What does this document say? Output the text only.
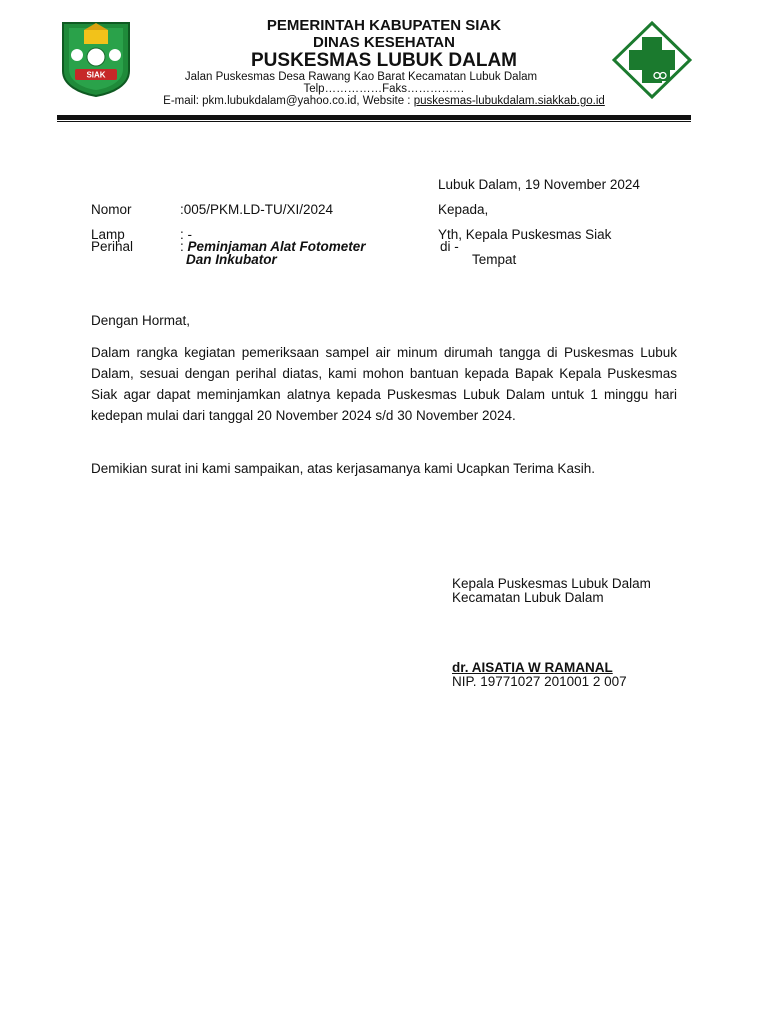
SIAK
PEMERINTAH KABUPATEN SIAK
DINAS KESEHATAN
PUSKESMAS LUBUK DALAM
Jalan Puskesmas Desa Rawang Kao Barat Kecamatan Lubuk Dalam
Telp……………Faks……………
E-mail: pkm.lubukdalam@yahoo.co.id, Website : puskesmas-lubukdalam.siakkab.go.id
Lubuk Dalam, 19 November 2024
Nomor	:005/PKM.LD-TU/XI/2024
Lamp	: -
Perihal	: Peminjaman Alat Fotometer
Dan Inkubator
Kepada,
Yth, Kepala Puskesmas Siak
di -
Tempat
Dengan Hormat,

Dalam rangka kegiatan pemeriksaan sampel air minum dirumah tangga di Puskesmas Lubuk Dalam, sesuai dengan perihal diatas, kami mohon bantuan kepada Bapak Kepala Puskesmas Siak agar dapat meminjamkan alatnya kepada Puskesmas Lubuk Dalam untuk 1 minggu hari kedepan mulai dari tanggal 20 November 2024 s/d 30 November 2024.

Demikian surat ini kami sampaikan, atas kerjasamanya kami Ucapkan Terima Kasih.
Kepala Puskesmas Lubuk Dalam
Kecamatan Lubuk Dalam
dr. AISATIA W RAMANAL
NIP. 19771027 201001 2 007
